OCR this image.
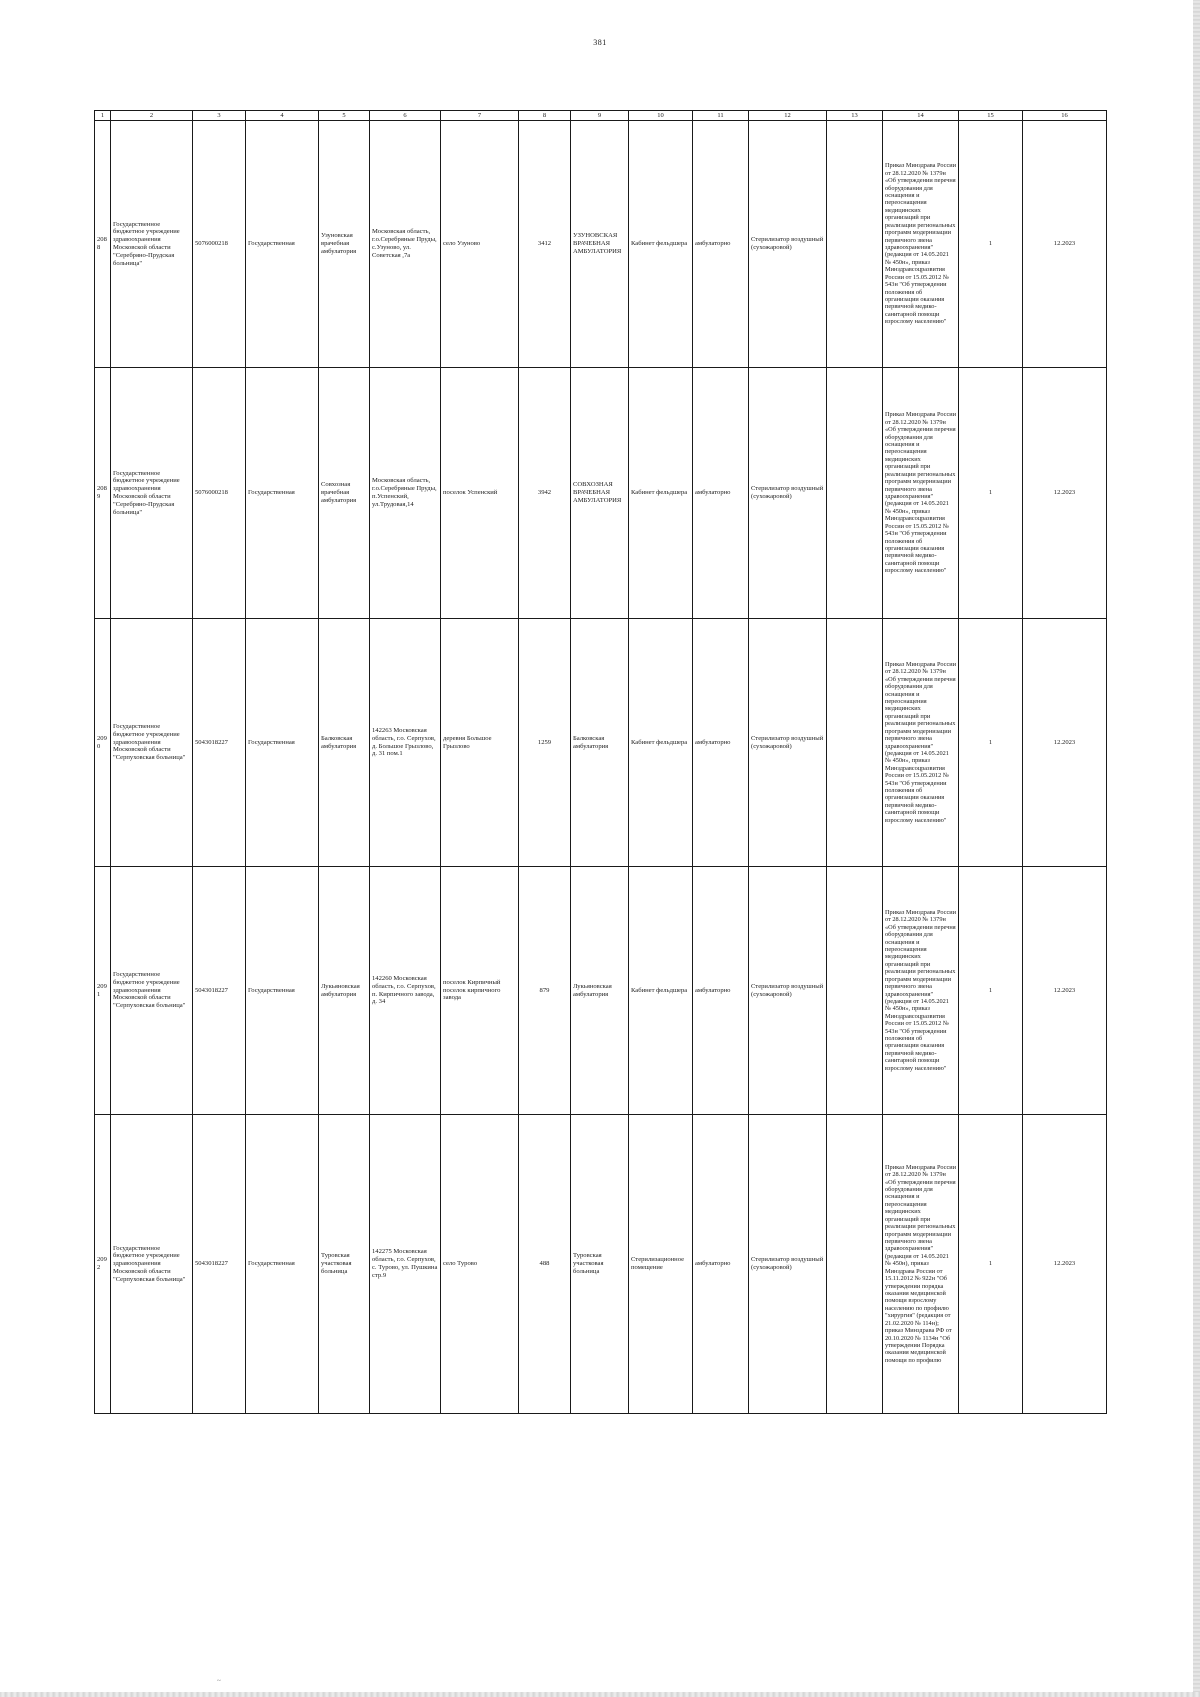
381
1	2	3	4	5	6	7	8	9	10	11	12	13	14	15	16
2088	Государственное бюджетное учреждение здравоохранения Московской области "Серебряно-Прудская больница"	5076000218	Государственная	Узуновская врачебная амбулатория	Московская область, г.о.Серебряные Пруды, с.Узуново, ул. Советская ,7а	село Узуново	3412	УЗУНОВСКАЯ ВРАЧЕБНАЯ АМБУЛАТОРИЯ	Кабинет фельдшера	амбулаторно	Стерилизатор воздушный (сухожаровой)		Приказ Минздрава России от 28.12.2020 № 1379н «Об утверждении перечня оборудования для оснащения и переоснащения медицинских организаций при реализации региональных программ модернизации первичного звена здравоохранения"(редакция от 14.05.2021 № 450н», приказ Минздравсоцразвития России от 15.05.2012 № 543н "Об утверждении положения об организации оказания первичной медико-санитарной помощи взрослому населению"	1	12.2023
2089	Государственное бюджетное учреждение здравоохранения Московской области "Серебряно-Прудская больница"	5076000218	Государственная	Совхозная врачебная амбулатория	Московская область, г.о.Серебряные Пруды, п.Успенский, ул.Трудовая,14	поселок Успенский	3942	СОВХОЗНАЯ ВРАЧЕБНАЯ АМБУЛАТОРИЯ	Кабинет фельдшера	амбулаторно	Стерилизатор воздушный (сухожаровой)		Приказ Минздрава России от 28.12.2020 № 1379н «Об утверждении перечня оборудования для оснащения и переоснащения медицинских организаций при реализации региональных программ модернизации первичного звена здравоохранения"(редакция от 14.05.2021 № 450н», приказ Минздравсоцразвития России от 15.05.2012 № 543н "Об утверждении положения об организации оказания первичной медико-санитарной помощи взрослому населению"	1	12.2023
2090	Государственное бюджетное учреждение здравоохранения Московской области "Серпуховская больница"	5043018227	Государственная	Балковская амбулатория	142263 Московская область, г.о. Серпухов, д. Большое Грызлово, д. 31 пом.1	деревня Большое Грызлово	1259	Балковская амбулатория	Кабинет фельдшера	амбулаторно	Стерилизатор воздушный (сухожаровой)		Приказ Минздрава России от 28.12.2020 № 1379н «Об утверждении перечня оборудования для оснащения и переоснащения медицинских организаций при реализации региональных программ модернизации первичного звена здравоохранения"(редакция от 14.05.2021 № 450н», приказ Минздравсоцразвития России от 15.05.2012 № 543н "Об утверждении положения об организации оказания первичной медико-санитарной помощи взрослому населению"	1	12.2023
2091	Государственное бюджетное учреждение здравоохранения Московской области "Серпуховская больница"	5043018227	Государственная	Лукьяновская амбулатория	142260 Московская область, г.о. Серпухов, п. Кирпичного завода, д. 34	поселок Кирпичный поселок кирпичного завода	879	Лукьяновская амбулатория	Кабинет фельдшера	амбулаторно	Стерилизатор воздушный (сухожаровой)		Приказ Минздрава России от 28.12.2020 № 1379н «Об утверждении перечня оборудования для оснащения и переоснащения медицинских организаций при реализации региональных программ модернизации первичного звена здравоохранения"(редакция от 14.05.2021 № 450н», приказ Минздравсоцразвития России от 15.05.2012 № 543н "Об утверждении положения об организации оказания первичной медико-санитарной помощи взрослому населению"	1	12.2023
2092	Государственное бюджетное учреждение здравоохранения Московской области "Серпуховская больница"	5043018227	Государственная	Туровская участковая больница	142275 Московская область, г.о. Серпухов, с. Турово, ул. Пушкина стр.9	село Турово	488	Туровская участковая больница	Стерилизационное помещение	амбулаторно	Стерилизатор воздушный (сухожаровой)		Приказ Минздрава России от 28.12.2020 № 1379н «Об утверждении перечня оборудования для оснащения и переоснащения медицинских организаций при реализации региональных программ модернизации первичного звена здравоохранения"(редакция от 14.05.2021 № 450н), приказ Минздрава России от 15.11.2012 № 922н "Об утверждении порядка оказания медицинской помощи взрослому населению по профилю "хирургия" (редакция от 21.02.2020 № 114н); приказ Минздрава РФ от 20.10.2020 № 1134н "Об утверждении Порядка оказания медицинской помощи по профилю	1	12.2023
~
